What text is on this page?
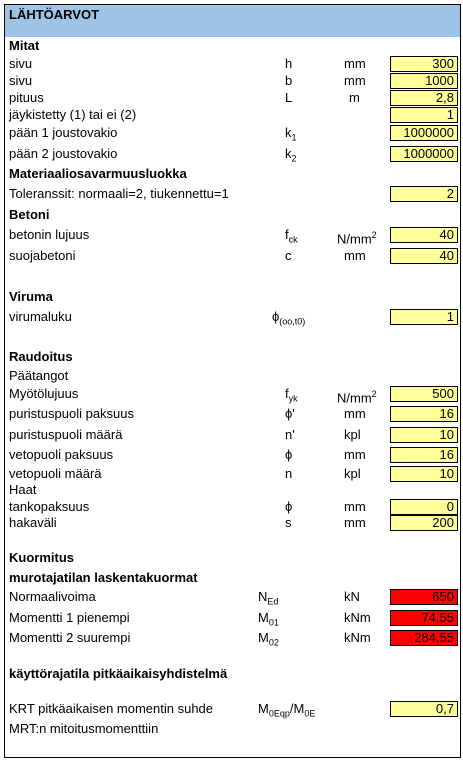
LÄHTÖARVOT
Mitat
Materiaaliosavarmuusluokka
Betoni
Viruma
Raudoitus
Päätangot
Haat
Kuormitus
murotajatilan laskentakuormat
käyttörajatila pitkäaikaisyhdistelmä
MRT:n mitoitusmomenttiin
sivu	h	mm	300
sivu	b	mm	1000
pituus	L	m	2,8
jäykistetty (1) tai ei (2)	1
pään 1 joustovakio	$k_1$	1000000
pään 2 joustovakio	$k_2$	1000000
Toleranssit: normaali=2, tiukennettu=1	2
betonin lujuus	$f_{ck}$	$N/mm^2$	40
suojabetoni	c	mm	40
virumaluku	$\phi_{(oo,t0)}$	1
Myötölujuus	$f_{yk}$	$N/mm^2$	500
puristuspuoli paksuus	ϕ'	mm	16
puristuspuoli määrä	n'	kpl	10
vetopuoli paksuus	ϕ	mm	16
vetopuoli määrä	n	kpl	10
tankopaksuus	ϕ	mm	0
hakaväli	s	mm	200
Normaalivoima	$N_{Ed}$	kN	650
Momentti 1 pienempi	$M_{01}$	kNm	74,55
Momentti 2 suurempi	$M_{02}$	kNm	284,55
KRT pitkäaikaisen momentin suhde	$M_{0Eqp}/M_{0E}$	0,7
